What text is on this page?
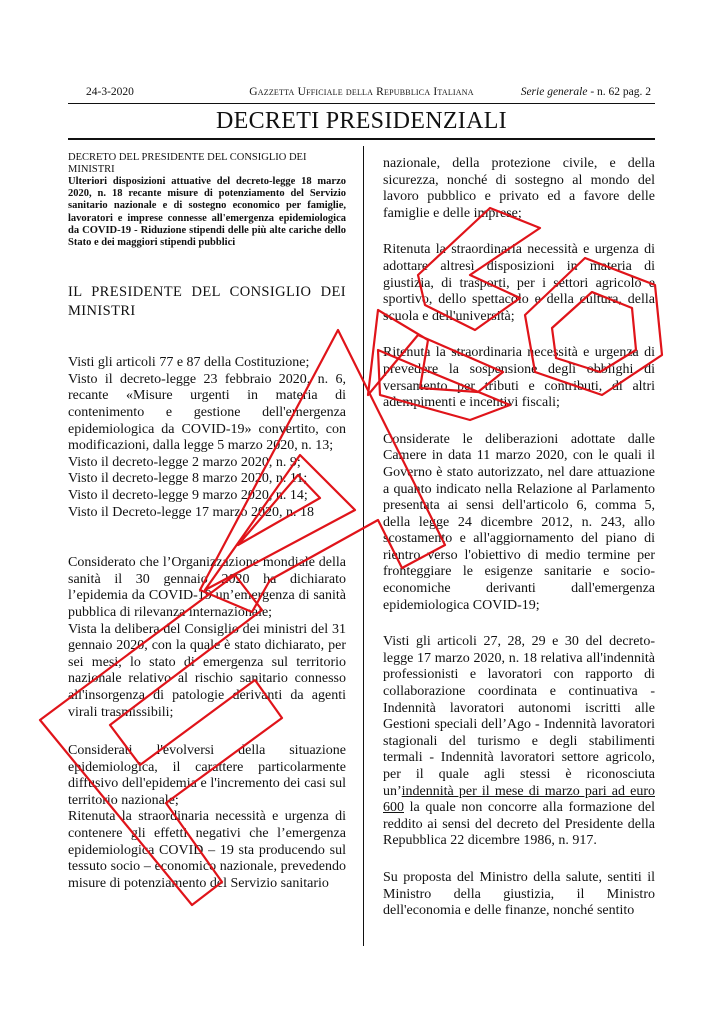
24-3-2020	Gazzetta Ufficiale della Repubblica Italiana	Serie generale - n. 62 pag. 2
DECRETI PRESIDENZIALI

DECRETO DEL PRESIDENTE DEL CONSIGLIO DEI MINISTRI

Ulteriori disposizioni attuative del decreto-legge 18 marzo 2020, n. 18 recante misure di potenziamento del Servizio sanitario nazionale e di sostegno economico per famiglie, lavoratori e imprese connesse all'emergenza epidemiologica da COVID-19 - Riduzione stipendi delle più alte cariche dello Stato e dei maggiori stipendi pubblici

IL PRESIDENTE DEL CONSIGLIO DEI MINISTRI

Visti gli articoli 77 e 87 della Costituzione;

Visto il decreto-legge 23 febbraio 2020, n. 6, recante «Misure urgenti in materia di contenimento e gestione dell'emergenza epidemiologica da COVID-19» convertito, con modificazioni, dalla legge 5 marzo 2020, n. 13;

Visto il decreto-legge 2 marzo 2020, n. 9;

Visto il decreto-legge 8 marzo 2020, n. 11;

Visto il decreto-legge 9 marzo 2020, n. 14;

Visto il Decreto-legge 17 marzo 2020, n. 18

Considerato che l’Organizzazione mondiale della sanità il 30 gennaio 2020 ha dichiarato l’epidemia da COVID-19 un’emergenza di sanità pubblica di rilevanza internazionale;

Vista la delibera del Consiglio dei ministri del 31 gennaio 2020, con la quale è stato dichiarato, per sei mesi, lo stato di emergenza sul territorio nazionale relativo al rischio sanitario connesso all'insorgenza di patologie derivanti da agenti virali trasmissibili;

Considerati l'evolversi della situazione epidemiologica, il carattere particolarmente diffusivo dell'epidemia e l'incremento dei casi sul territorio nazionale;

Ritenuta la straordinaria necessità e urgenza di contenere gli effetti negativi che l’emergenza epidemiologica COVID – 19 sta producendo sul tessuto socio – economico nazionale, prevedendo misure di potenziamento del Servizio sanitario

nazionale, della protezione civile, e della sicurezza, nonché di sostegno al mondo del lavoro pubblico e privato ed a favore delle famiglie e delle imprese;

Ritenuta la straordinaria necessità e urgenza di adottare altresì disposizioni in materia di giustizia, di trasporti, per i settori agricolo e sportivo, dello spettacolo e della cultura, della scuola e dell'università;

Ritenuta la straordinaria necessità e urgenza di prevedere la sospensione degli obblighi di versamento per tributi e contributi, di altri adempimenti e incentivi fiscali;

Considerate le deliberazioni adottate dalle Camere in data 11 marzo 2020, con le quali il Governo è stato autorizzato, nel dare attuazione a quanto indicato nella Relazione al Parlamento presentata ai sensi dell'articolo 6, comma 5, della legge 24 dicembre 2012, n. 243, allo scostamento e all'aggiornamento del piano di rientro verso l'obiettivo di medio termine per fronteggiare le esigenze sanitarie e socio-economiche derivanti dall'emergenza epidemiologica COVID-19;

Visti gli articoli 27, 28, 29 e 30 del decreto-legge 17 marzo 2020, n. 18 relativa all'indennità professionisti e lavoratori con rapporto di collaborazione coordinata e continuativa - Indennità lavoratori autonomi iscritti alle Gestioni speciali dell’Ago - Indennità lavoratori stagionali del turismo e degli stabilimenti termali - Indennità lavoratori settore agricolo, per il quale agli stessi è riconosciuta un’indennità per il mese di marzo pari ad euro 600 la quale non concorre alla formazione del reddito ai sensi del decreto del Presidente della Repubblica 22 dicembre 1986, n. 917.

Su proposta del Ministro della salute, sentiti il Ministro della giustizia, il Ministro dell'economia e delle finanze, nonché sentito
